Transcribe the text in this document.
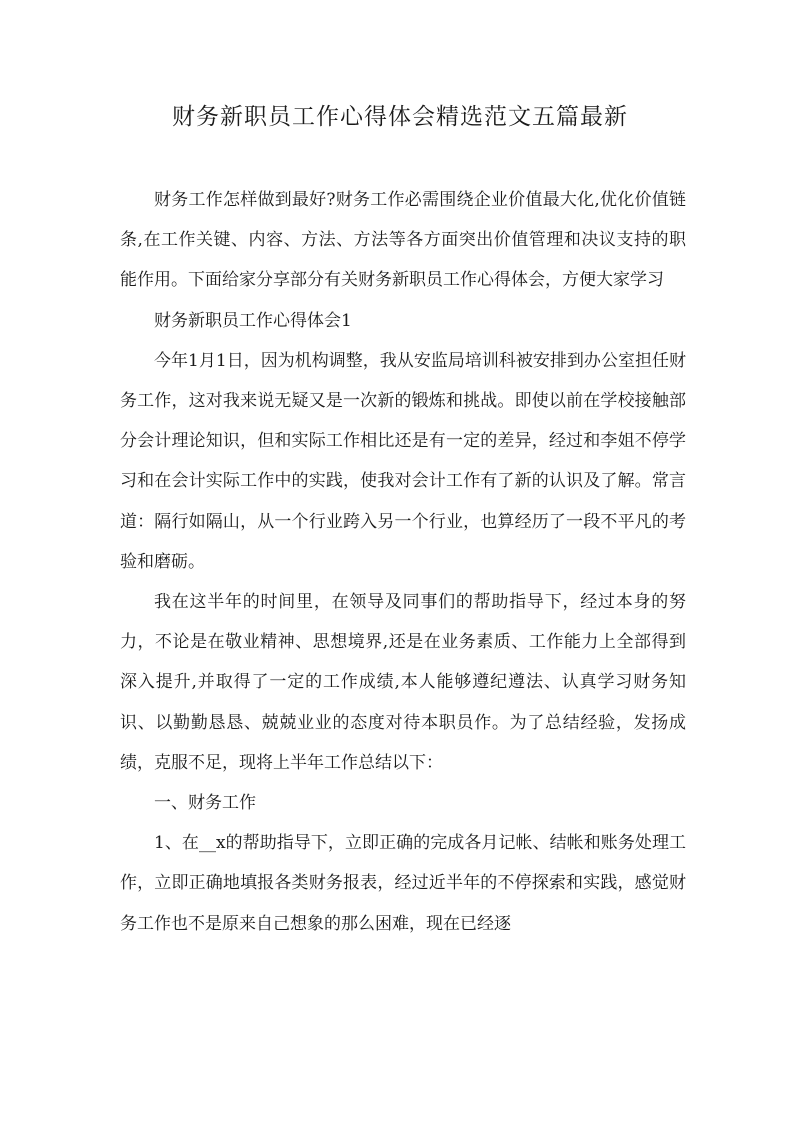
财务新职员工作心得体会精选范文五篇最新

财务工作怎样做到最好?财务工作必需围绕企业价值最大化,优化价值链条,在工作关键、内容、方法、方法等各方面突出价值管理和决议支持的职能作用。下面给家分享部分有关财务新职员工作心得体会，方便大家学习

财务新职员工作心得体会1

今年1月1日，因为机构调整，我从安监局培训科被安排到办公室担任财务工作，这对我来说无疑又是一次新的锻炼和挑战。即使以前在学校接触部分会计理论知识，但和实际工作相比还是有一定的差异，经过和李姐不停学习和在会计实际工作中的实践，使我对会计工作有了新的认识及了解。常言道：隔行如隔山，从一个行业跨入另一个行业，也算经历了一段不平凡的考验和磨砺。

我在这半年的时间里，在领导及同事们的帮助指导下，经过本身的努力，不论是在敬业精神、思想境界,还是在业务素质、工作能力上全部得到深入提升,并取得了一定的工作成绩,本人能够遵纪遵法、认真学习财务知识、以勤勤恳恳、兢兢业业的态度对待本职员作。为了总结经验，发扬成绩，克服不足，现将上半年工作总结以下：

一、财务工作

1、在__x的帮助指导下，立即正确的完成各月记帐、结帐和账务处理工作，立即正确地填报各类财务报表，经过近半年的不停探索和实践，感觉财务工作也不是原来自己想象的那么困难，现在已经逐
